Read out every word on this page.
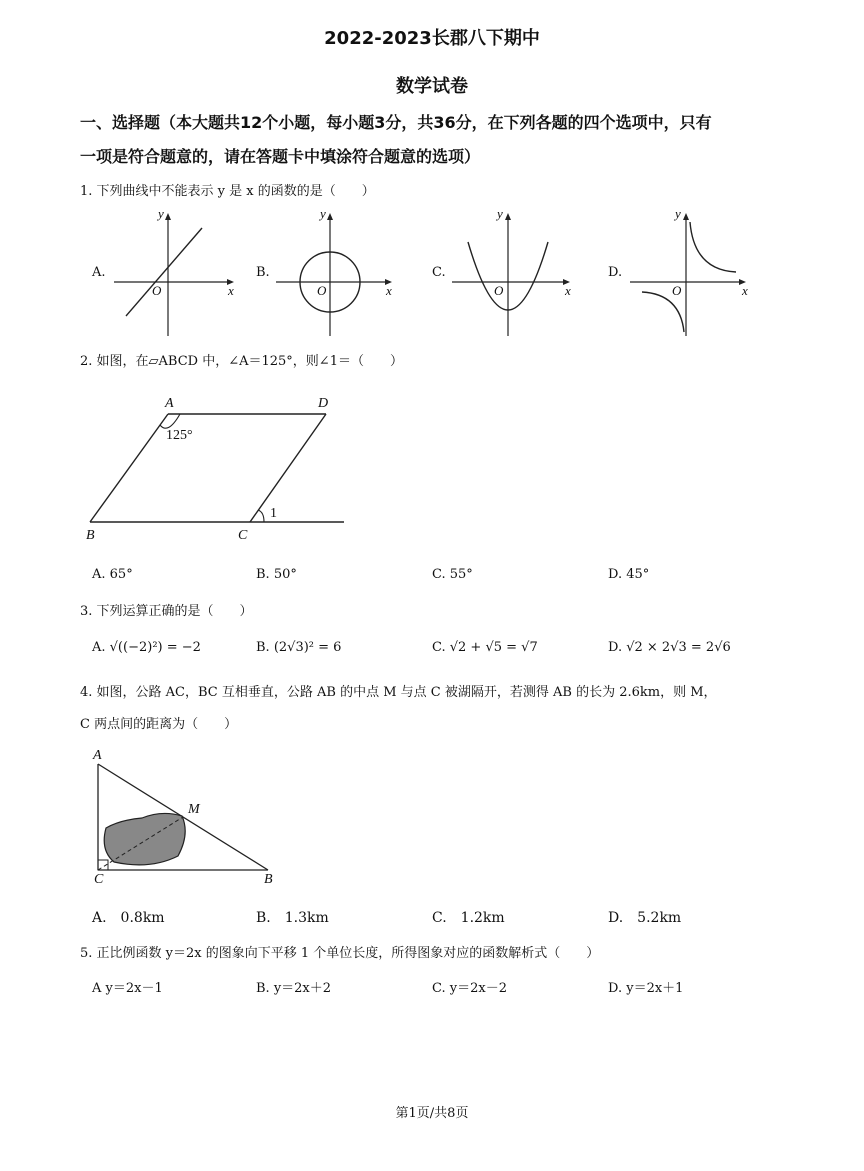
2022-2023长郡八下期中
数学试卷
一、选择题（本大题共12个小题，每小题3分，共36分，在下列各题的四个选项中，只有
一项是符合题意的，请在答题卡中填涂符合题意的选项）
1. 下列曲线中不能表示 y 是 x 的函数的是（　　）
A.	B.	C.	D.
y
x
O
y
x
O
y
x
O
y
x
O
2. 如图，在▱ABCD 中，∠A＝125°，则∠1＝（　　）
A	D
B	C
125°
1
A. 65°	B. 50°	C. 55°	D. 45°
3. 下列运算正确的是（　　）
A. √((−2)²) = −2	B. (2√3)² = 6	C. √2 + √5 = √7	D. √2 × 2√3 = 2√6
4. 如图，公路 AC，BC 互相垂直，公路 AB 的中点 M 与点 C 被湖隔开，若测得 AB 的长为 2.6km，则 M，
C 两点间的距离为（　　）
A
M
C	B
A.　0.8km	B.　1.3km	C.　1.2km	D.　5.2km
5. 正比例函数 y＝2x 的图象向下平移 1 个单位长度，所得图象对应的函数解析式（　　）
A y＝2x－1	B. y＝2x＋2	C. y＝2x－2	D. y＝2x＋1
第1页/共8页
